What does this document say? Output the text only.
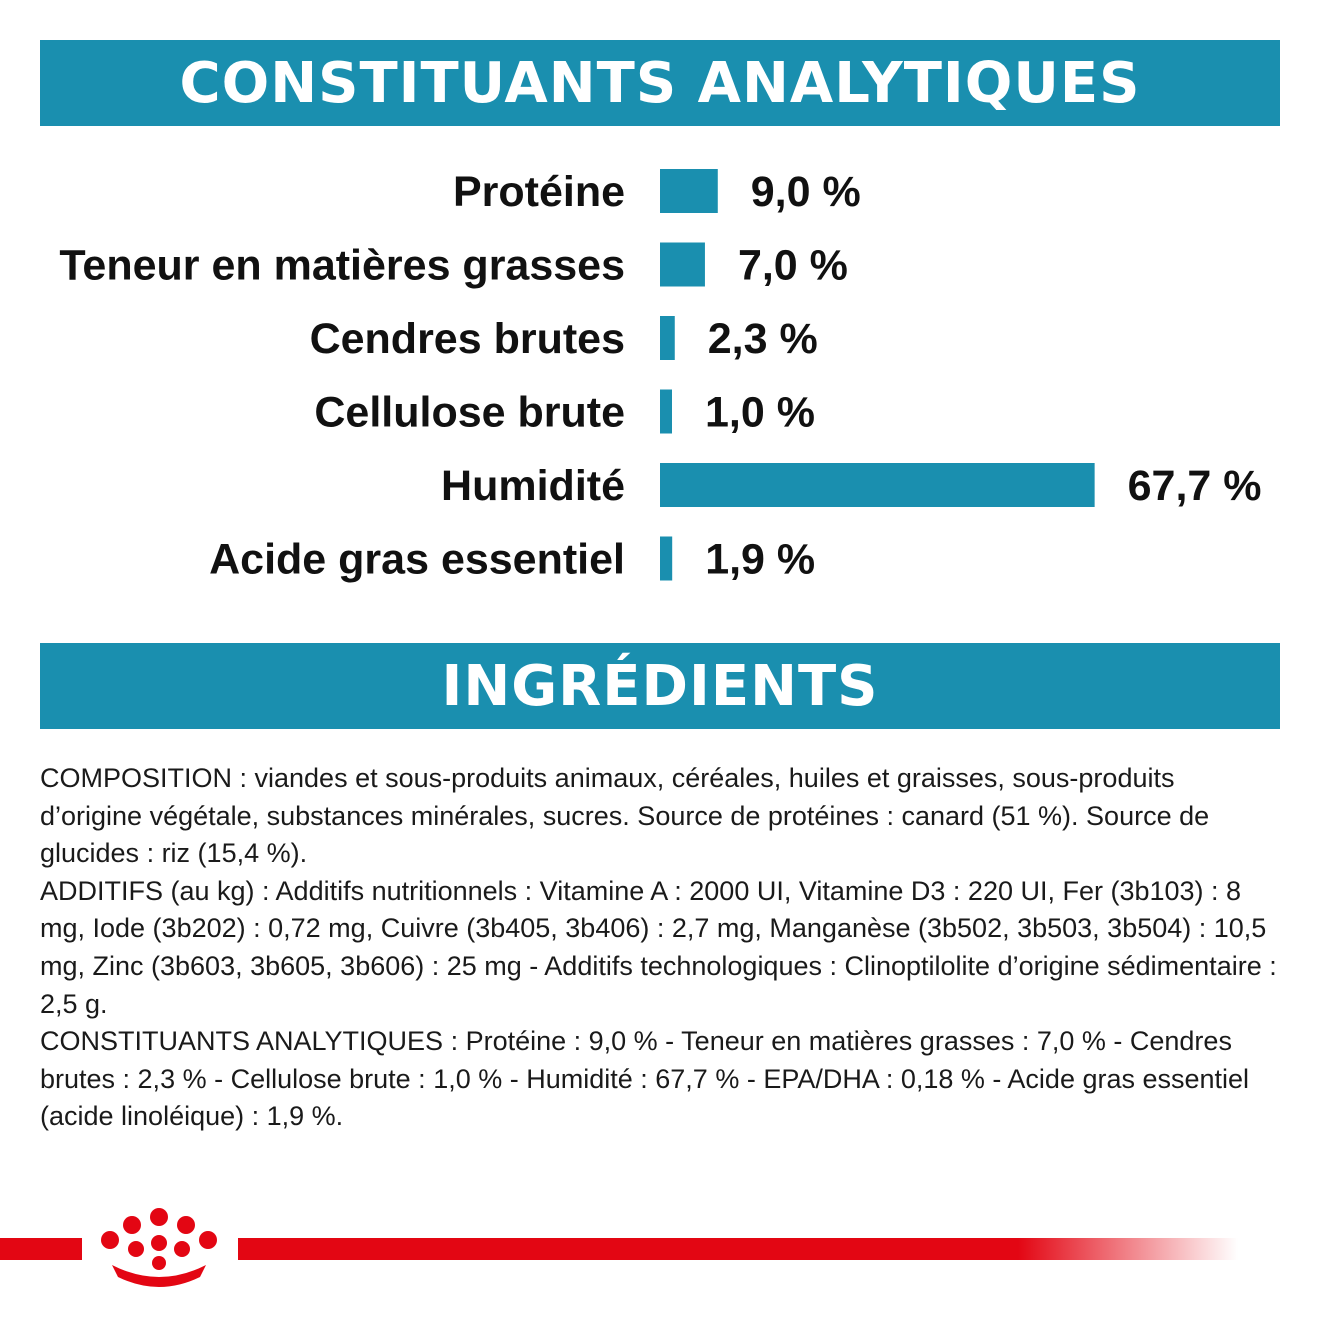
CONSTITUANTS ANALYTIQUES
Protéine	9,0 %
Teneur en matières grasses	7,0 %
Cendres brutes 2,3 %
Cellulose brute 1,0 %
Humidité	67,7 %
Acide gras essentiel 1,9 %
INGRÉDIENTS

COMPOSITION : viandes et sous-produits animaux, céréales, huiles et graisses, sous-produits d’origine végétale, substances minérales, sucres. Source de protéines : canard (51 %). Source de glucides : riz (15,4 %).

ADDITIFS (au kg) : Additifs nutritionnels : Vitamine A : 2000 UI, Vitamine D3 : 220 UI, Fer (3b103) : 8 mg, Iode (3b202) : 0,72 mg, Cuivre (3b405, 3b406) : 2,7 mg, Manganèse (3b502, 3b503, 3b504) : 10,5 mg, Zinc (3b603, 3b605, 3b606) : 25 mg - Additifs technologiques : Clinoptilolite d’origine sédimentaire : 2,5 g.

CONSTITUANTS ANALYTIQUES : Protéine : 9,0 % - Teneur en matières grasses : 7,0 % - Cendres brutes : 2,3 % - Cellulose brute : 1,0 % - Humidité : 67,7 % - EPA/DHA : 0,18 % - Acide gras essentiel (acide linoléique) : 1,9 %.
